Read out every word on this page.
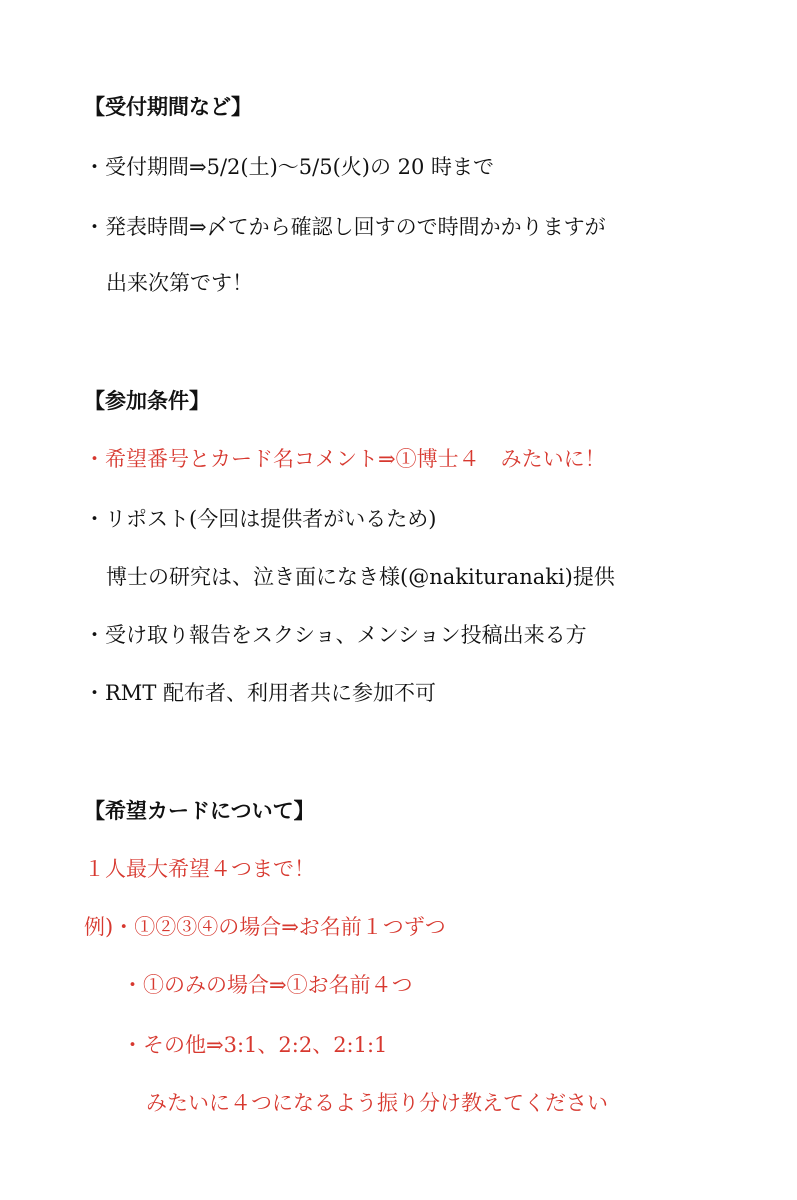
【受付期間など】
・受付期間⇒5/2(土)〜5/5(火)の 20 時まで
・発表時間⇒〆てから確認し回すので時間かかりますが
出来次第です！
【参加条件】
・希望番号とカード名コメント⇒①博士４　みたいに！
・リポスト(今回は提供者がいるため)
博士の研究は、泣き面になき様(@nakituranaki)提供
・受け取り報告をスクショ、メンション投稿出来る方
・RMT 配布者、利用者共に参加不可
【希望カードについて】
１人最大希望４つまで！
例)・①②③④の場合⇒お名前１つずつ
・①のみの場合⇒①お名前４つ
・その他⇒3:1、2:2、2:1:1
みたいに４つになるよう振り分け教えてください
